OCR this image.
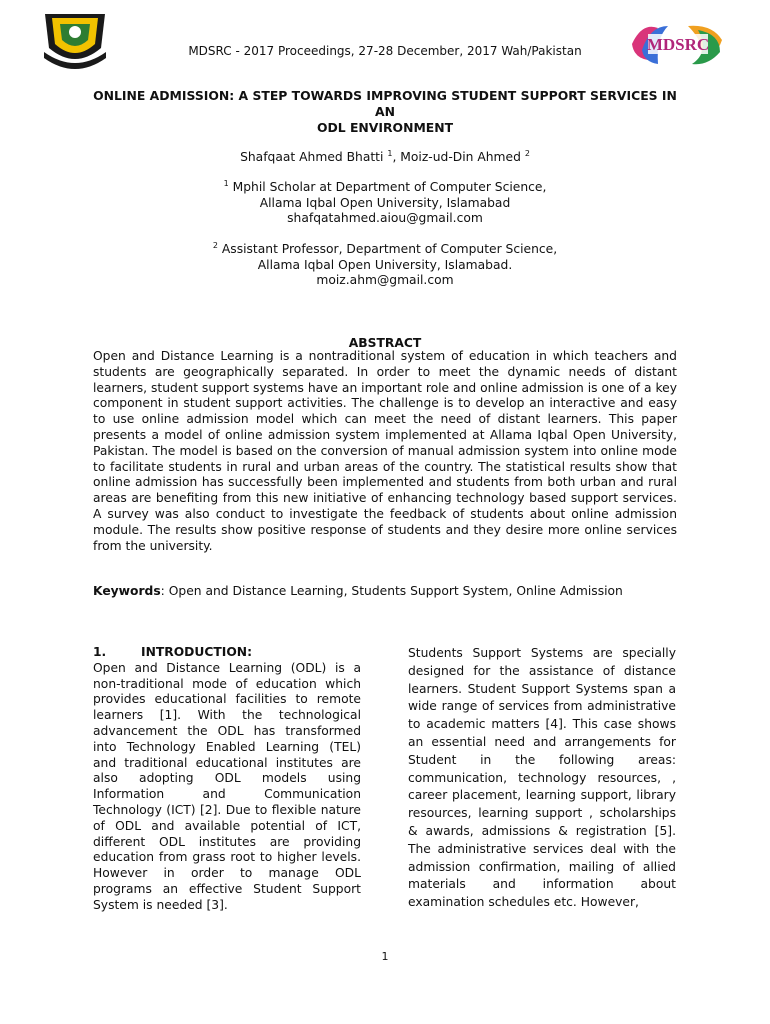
MDSRC
MDSRC - 2017 Proceedings, 27-28 December, 2017 Wah/Pakistan
ONLINE ADMISSION: A STEP TOWARDS IMPROVING STUDENT SUPPORT SERVICES IN AN
ODL ENVIRONMENT
Shafqaat Ahmed Bhatti $^1$, Moiz-ud-Din Ahmed $^2$
$^1$ Mphil Scholar at Department of Computer Science,
Allama Iqbal Open University, Islamabad
shafqatahmed.aiou@gmail.com
$^2$ Assistant Professor, Department of Computer Science,
Allama Iqbal Open University, Islamabad.
moiz.ahm@gmail.com
ABSTRACT
Open and Distance Learning is a nontraditional system of education in which teachers and students are geographically separated. In order to meet the dynamic needs of distant learners, student support systems have an important role and online admission is one of a key component in student support activities. The challenge is to develop an interactive and easy to use online admission model which can meet the need of distant learners. This paper presents a model of online admission system implemented at Allama Iqbal Open University, Pakistan. The model is based on the conversion of manual admission system into online mode to facilitate students in rural and urban areas of the country. The statistical results show that online admission has successfully been implemented and students from both urban and rural areas are benefiting from this new initiative of enhancing technology based support services. A survey was also conduct to investigate the feedback of students about online admission module. The results show positive response of students and they desire more online services from the university.
Keywords: Open and Distance Learning, Students Support System, Online Admission
1.	INTRODUCTION:
Open and Distance Learning (ODL) is a non-traditional mode of education which provides educational facilities to remote learners [1]. With the technological advancement the ODL has transformed into Technology Enabled Learning (TEL) and traditional educational institutes are also adopting ODL models using Information and Communication Technology (ICT) [2]. Due to flexible nature of ODL and available potential of ICT, different ODL institutes are providing education from grass root to higher levels. However in order to manage ODL programs an effective Student Support System is needed [3].
Students Support Systems are specially designed for the assistance of distance learners. Student Support Systems span a wide range of services from administrative to academic matters [4]. This case shows an essential need and arrangements for Student in the following areas: communication, technology resources, , career placement, learning support, library resources, learning support , scholarships & awards, admissions & registration [5]. The administrative services deal with the admission confirmation, mailing of allied materials and information about examination schedules etc. However,
1
